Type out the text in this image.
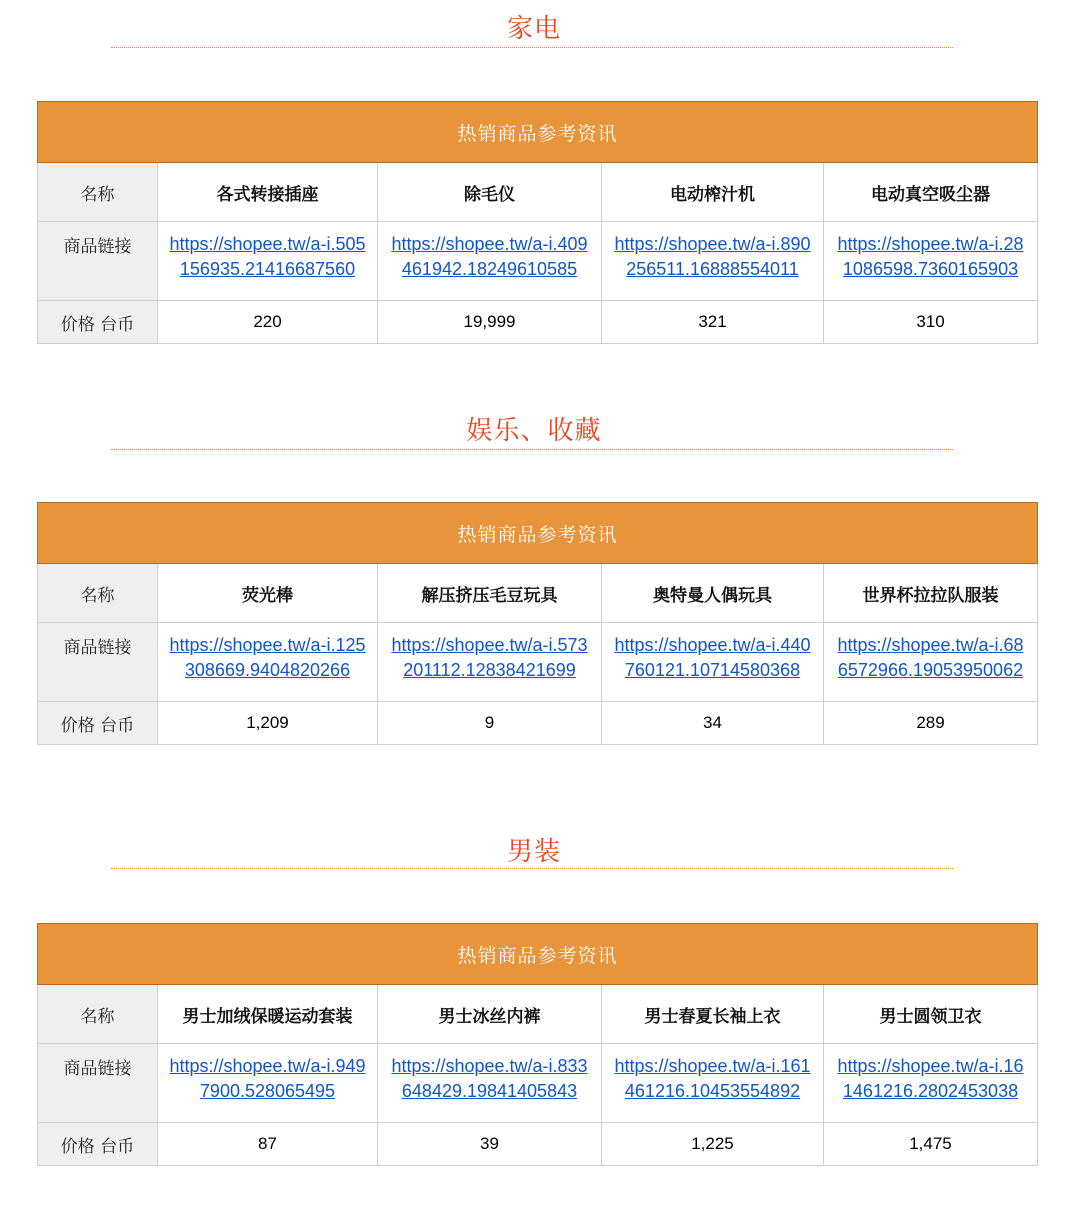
家电
热销商品参考资讯				
名称	各式转接插座	除毛仪	电动榨汁机	电动真空吸尘器
商品链接	https://shopee.tw/a-i.505156935.21416687560	https://shopee.tw/a-i.409461942.18249610585	https://shopee.tw/a-i.890256511.16888554011	https://shopee.tw/a-i.281086598.7360165903

价格 台币	220	19,999	321	310
娱乐、收藏
热销商品参考资讯				
名称	荧光棒	解压挤压毛豆玩具	奥特曼人偶玩具	世界杯拉拉队服装
商品链接	https://shopee.tw/a-i.125308669.9404820266	https://shopee.tw/a-i.573201112.12838421699	https://shopee.tw/a-i.440760121.10714580368	https://shopee.tw/a-i.686572966.19053950062

价格 台币	1,209	9	34	289
男装
热销商品参考资讯				
名称	男士加绒保暖运动套装	男士冰丝内裤	男士春夏长袖上衣	男士圆领卫衣
商品链接	https://shopee.tw/a-i.9497900.528065495	https://shopee.tw/a-i.833648429.19841405843	https://shopee.tw/a-i.161461216.10453554892	https://shopee.tw/a-i.161461216.2802453038

价格 台币	87	39	1,225	1,475
